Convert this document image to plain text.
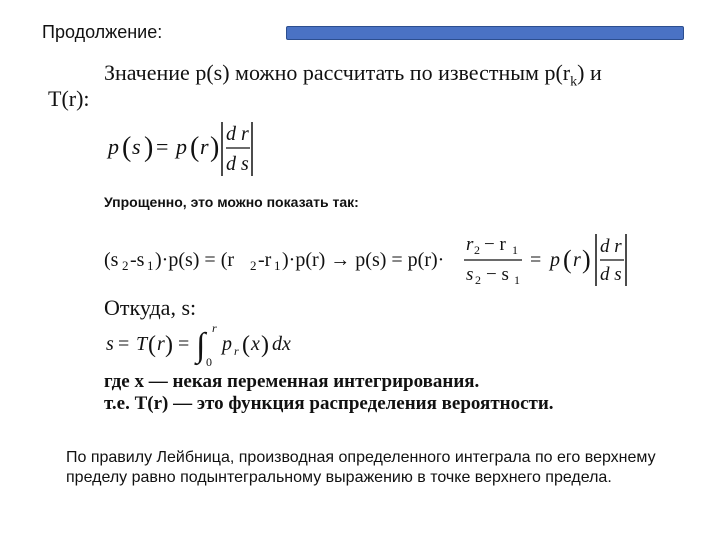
Продолжение:
Значение p(s) можно рассчитать по известным $p(r_k)$ и
T(r):
p ( s ) = p ( r ) d r
d s
Упрощенно, это можно показать так:
(s 2 -s 1 )·p(s) = (r 2 -r 1 )·p(r) → p(s) = p(r)·
r 2 − r 1
s 2 − s 1
= p ( r ) d r
d s
Откуда, s:
s = T ( r ) = ∫ r
0
p r ( x ) dx
где x — некая переменная интегрирования.
т.е. T(r) — это функция распределения вероятности.
По правилу Лейбница, производная определенного интеграла по его верхнему пределу равно подынтегральному выражению в точке верхнего предела.
